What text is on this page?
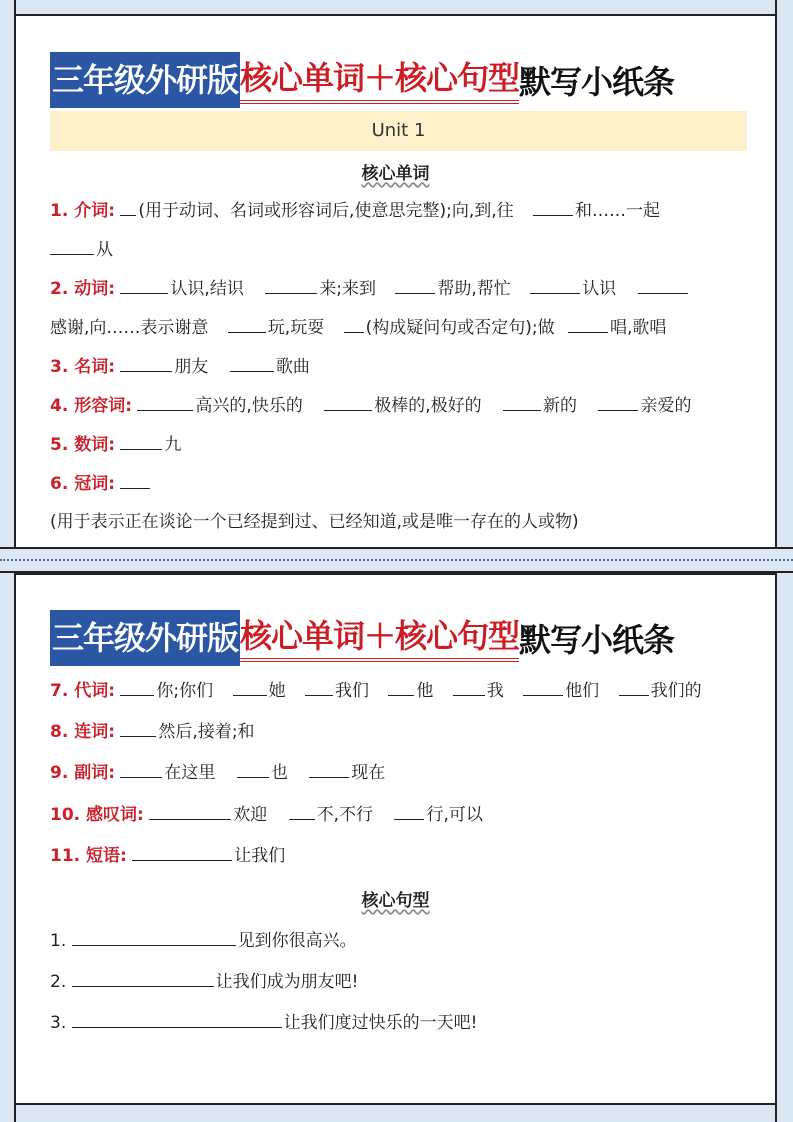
三年级外研版 核心单词＋核心句型 默写小纸条
Unit 1
核心单词
1. 介词: (用于动词、名词或形容词后,使意思完整);向,到,往	和……一起
从
2. 动词:	认识,结识	来;来到	帮助,帮忙	认识
感谢,向……表示谢意	玩,玩耍 (构成疑问句或否定句);做	唱,歌唱
3. 名词:	朋友	歌曲
4. 形容词:	高兴的,快乐的	极棒的,极好的	新的	亲爱的
5. 数词:	九
6. 冠词:
(用于表示正在谈论一个已经提到过、已经知道,或是唯一存在的人或物)
三年级外研版 核心单词＋核心句型 默写小纸条
7. 代词: 你;你们	她	我们	他	我	他们	我们的
8. 连词:	然后,接着;和
9. 副词:	在这里	也	现在
10. 感叹词:	欢迎	不,不行	行,可以
11. 短语:	让我们
核心句型
1.	见到你很高兴。
2.	让我们成为朋友吧!
3.	让我们度过快乐的一天吧!
